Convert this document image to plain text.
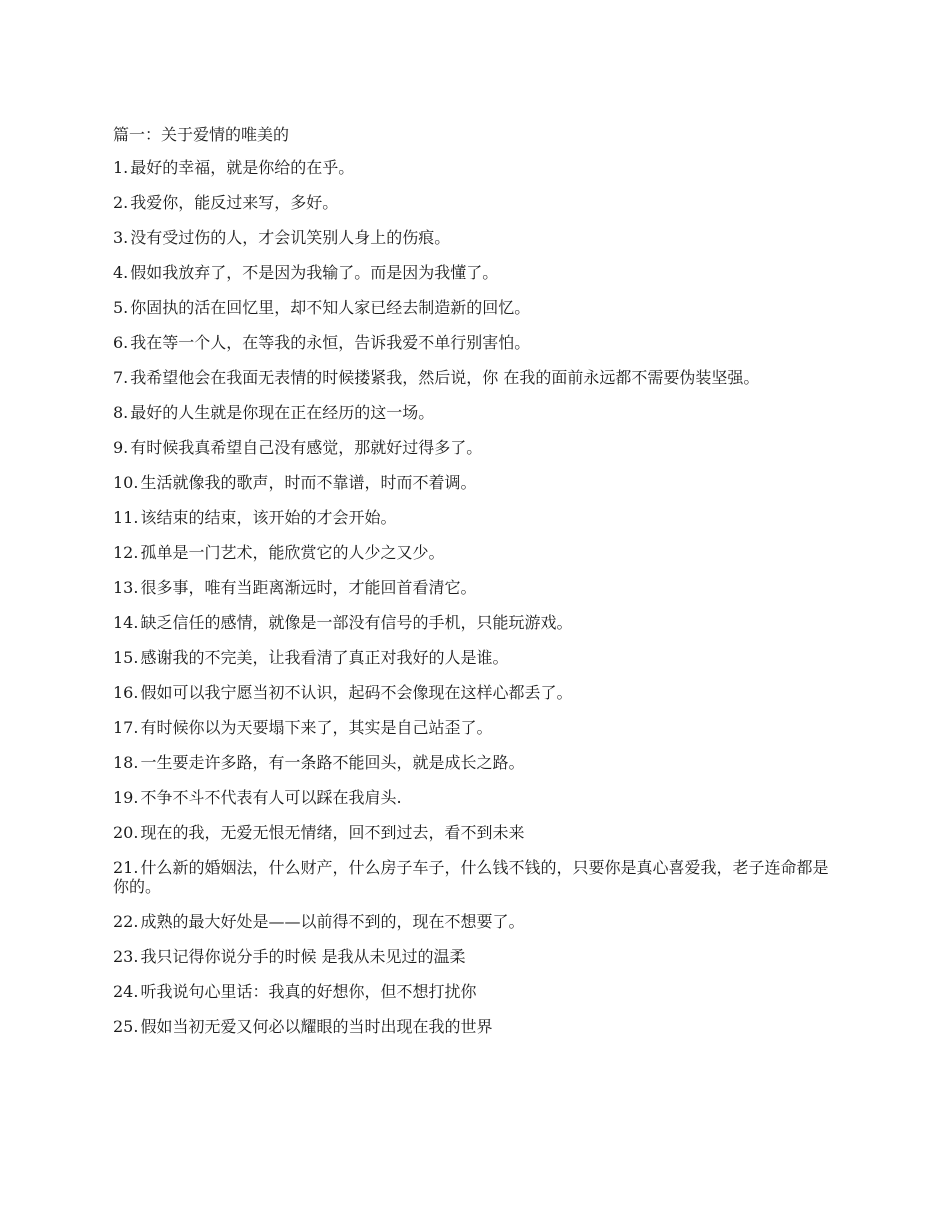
篇一：关于爱情的唯美的
1. 最好的幸福，就是你给的在乎。
2. 我爱你，能反过来写，多好。
3. 没有受过伤的人，才会讥笑别人身上的伤痕。
4. 假如我放弃了，不是因为我输了。而是因为我懂了。
5. 你固执的活在回忆里，却不知人家已经去制造新的回忆。
6. 我在等一个人，在等我的永恒，告诉我爱不单行别害怕。
7. 我希望他会在我面无表情的时候搂紧我，然后说，你 在我的面前永远都不需要伪装坚强。
8. 最好的人生就是你现在正在经历的这一场。
9. 有时候我真希望自己没有感觉，那就好过得多了。
10. 生活就像我的歌声，时而不靠谱，时而不着调。
11. 该结束的结束，该开始的才会开始。
12. 孤单是一门艺术，能欣赏它的人少之又少。
13. 很多事，唯有当距离渐远时，才能回首看清它。
14. 缺乏信任的感情，就像是一部没有信号的手机，只能玩游戏。
15. 感谢我的不完美，让我看清了真正对我好的人是谁。
16. 假如可以我宁愿当初不认识，起码不会像现在这样心都丢了。
17. 有时候你以为天要塌下来了，其实是自己站歪了。
18. 一生要走许多路，有一条路不能回头，就是成长之路。
19. 不争不斗不代表有人可以踩在我肩头.
20. 现在的我，无爱无恨无情绪，回不到过去，看不到未来
21. 什么新的婚姻法，什么财产，什么房子车子，什么钱不钱的，只要你是真心喜爱我，老子连命都是你的。
22. 成熟的最大好处是——以前得不到的，现在不想要了。
23. 我只记得你说分手的时候 是我从未见过的温柔
24. 听我说句心里话：我真的好想你，但不想打扰你
25. 假如当初无爱又何必以耀眼的当时出现在我的世界
